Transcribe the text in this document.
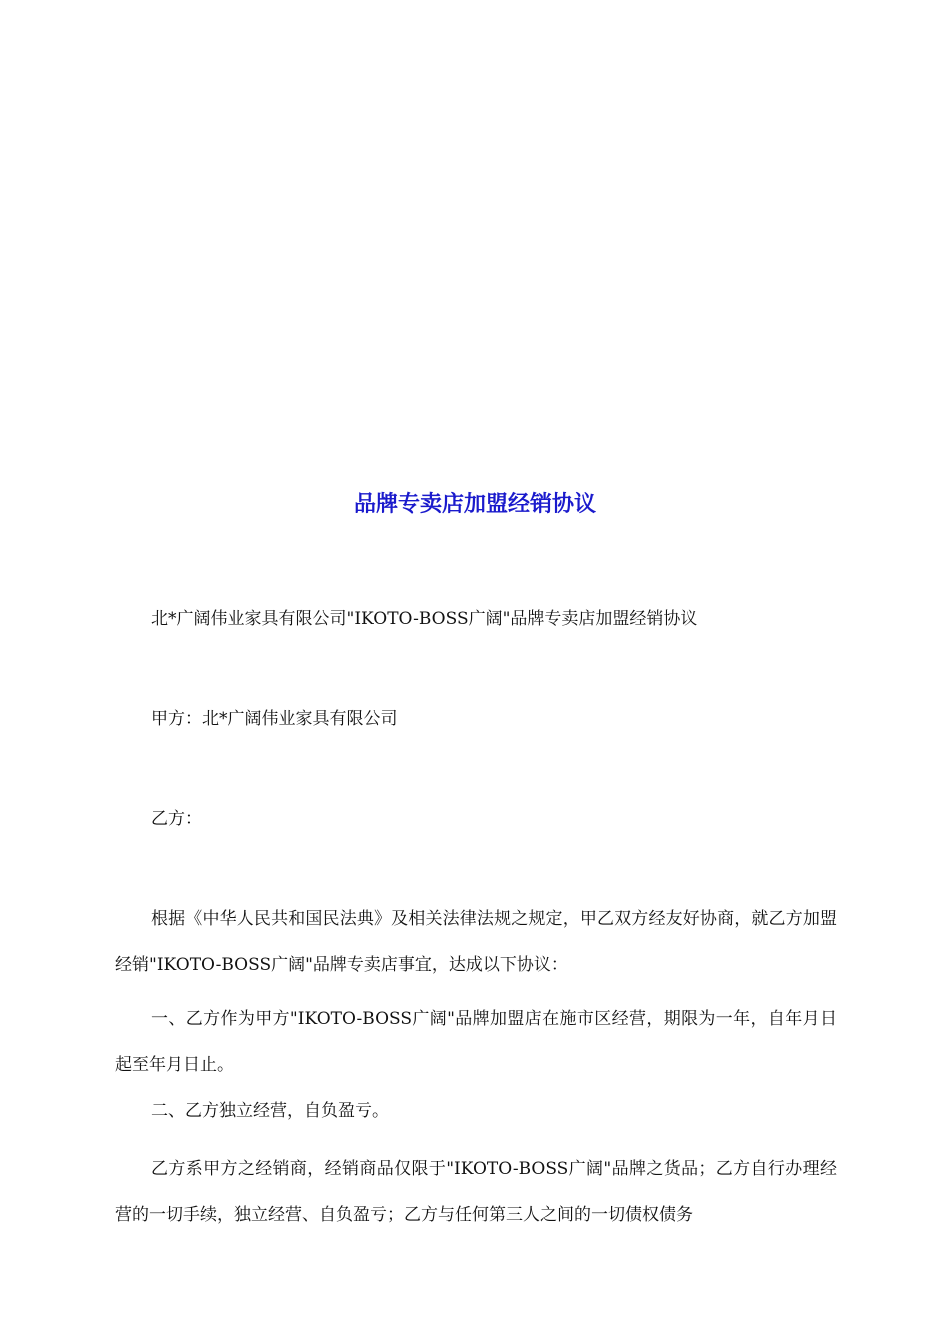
品牌专卖店加盟经销协议

北*广阔伟业家具有限公司"IKOTO-BOSS广阔"品牌专卖店加盟经销协议

甲方：北*广阔伟业家具有限公司

乙方：

根据《中华人民共和国民法典》及相关法律法规之规定，甲乙双方经友好协商，就乙方加盟经销"IKOTO-BOSS广阔"品牌专卖店事宜，达成以下协议：

一、乙方作为甲方"IKOTO-BOSS广阔"品牌加盟店在施市区经营，期限为一年，自年月日起至年月日止。

二、乙方独立经营，自负盈亏。

乙方系甲方之经销商，经销商品仅限于"IKOTO-BOSS广阔"品牌之货品；乙方自行办理经营的一切手续，独立经营、自负盈亏；乙方与任何第三人之间的一切债权债务
